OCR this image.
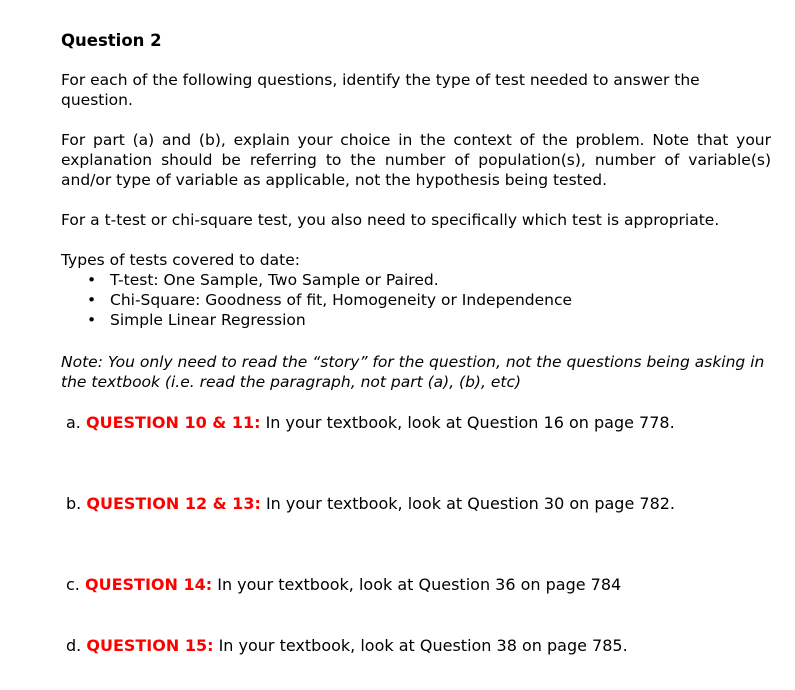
Question 2

For each of the following questions, identify the type of test needed to answer the question.

For part (a) and (b), explain your choice in the context of the problem. Note that your explanation should be referring to the number of population(s), number of variable(s) and/or type of variable as applicable, not the hypothesis being tested.

For a t-test or chi-square test, you also need to specifically which test is appropriate.

Types of tests covered to date:

• T-test: One Sample, Two Sample or Paired.
• Chi-Square: Goodness of fit, Homogeneity or Independence
• Simple Linear Regression

Note: You only need to read the “story” for the question, not the questions being asking in the textbook (i.e. read the paragraph, not part (a), (b), etc)

a. QUESTION 10 & 11: In your textbook, look at Question 16 on page 778.
b. QUESTION 12 & 13: In your textbook, look at Question 30 on page 782.
c. QUESTION 14: In your textbook, look at Question 36 on page 784
d. QUESTION 15: In your textbook, look at Question 38 on page 785.
